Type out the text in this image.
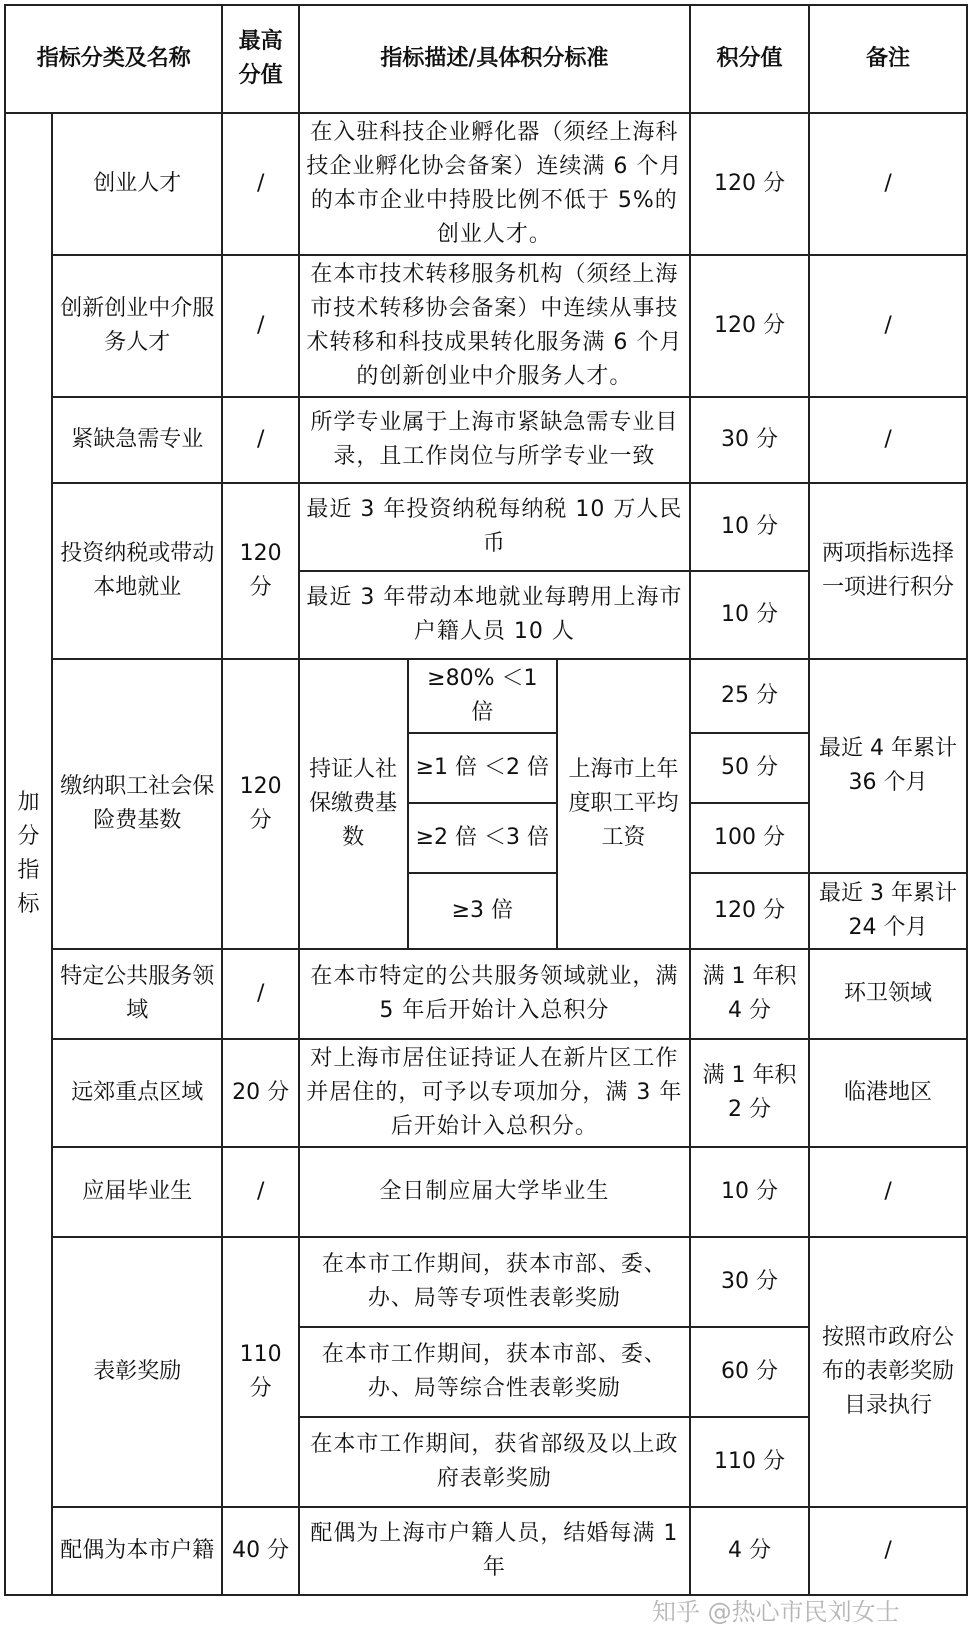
指标分类及名称		最高分值	指标描述/具体积分标准			积分值	备注

加分指标	创业人才	/	在入驻科技企业孵化器（须经上海科技企业孵化协会备案）连续满 6 个月的本市企业中持股比例不低于 5%的创业人才。			120 分	/
	创新创业中介服务人才	/	在本市技术转移服务机构（须经上海市技术转移协会备案）中连续从事技术转移和科技成果转化服务满 6 个月的创新创业中介服务人才。			120 分	/
	紧缺急需专业	/	所学专业属于上海市紧缺急需专业目录，且工作岗位与所学专业一致			30 分	/
	投资纳税或带动本地就业	120 分	最近 3 年投资纳税每纳税 10 万人民币			10 分	两项指标选择一项进行积分
			最近 3 年带动本地就业每聘用上海市户籍人员 10 人			10 分	
	缴纳职工社会保险费基数	120 分	持证人社保缴费基数	≥80% ＜1 倍	上海市上年度职工平均工资	25 分	最近 4 年累计 36 个月
				≥1 倍 ＜2 倍		50 分	
				≥2 倍 ＜3 倍		100 分	
				≥3 倍		120 分	最近 3 年累计 24 个月
	特定公共服务领域	/	在本市特定的公共服务领域就业，满 5 年后开始计入总积分			满 1 年积 4 分	环卫领域
	远郊重点区域	20 分	对上海市居住证持证人在新片区工作并居住的，可予以专项加分，满 3 年后开始计入总积分。			满 1 年积 2 分	临港地区
	应届毕业生	/	全日制应届大学毕业生			10 分	/
	表彰奖励	110 分	在本市工作期间，获本市部、委、办、局等专项性表彰奖励			30 分	按照市政府公布的表彰奖励目录执行
			在本市工作期间，获本市部、委、办、局等综合性表彰奖励			60 分	
			在本市工作期间，获省部级及以上政府表彰奖励			110 分	
	配偶为本市户籍	40 分	配偶为上海市户籍人员，结婚每满 1 年			4 分	/
知乎 @热心市民刘女士
